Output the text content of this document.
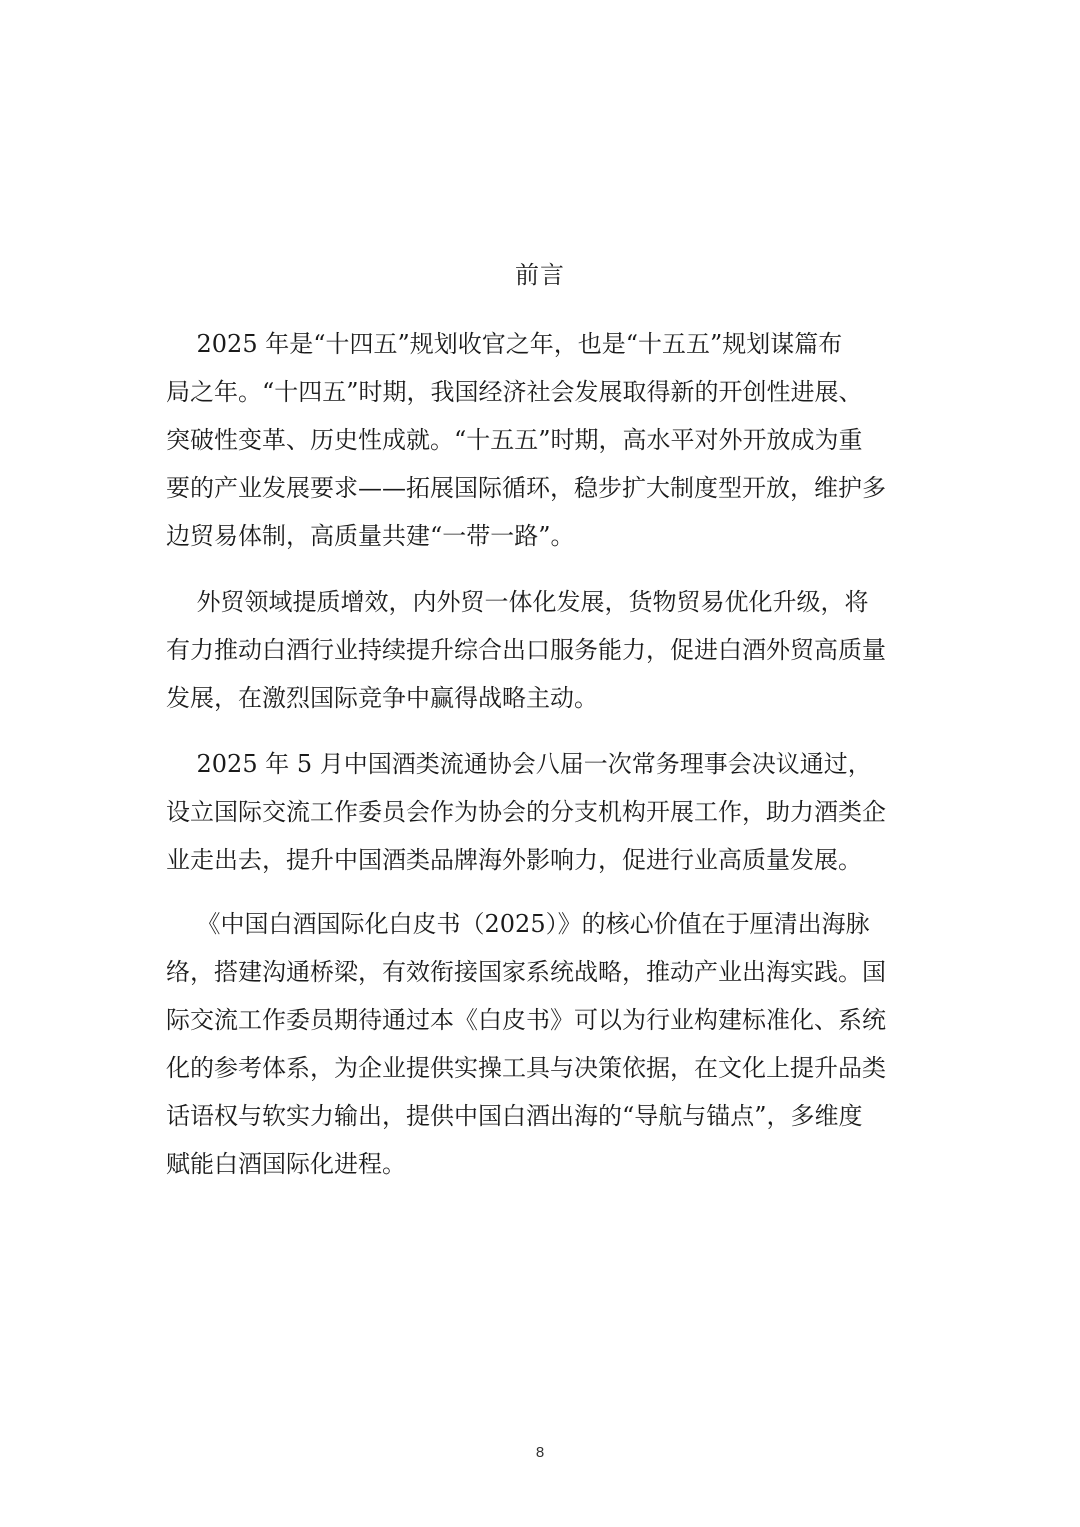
前言

2025 年是“十四五”规划收官之年，也是“十五五”规划谋篇布
局之年。“十四五”时期，我国经济社会发展取得新的开创性进展、
突破性变革、历史性成就。“十五五”时期，高水平对外开放成为重
要的产业发展要求——拓展国际循环，稳步扩大制度型开放，维护多
边贸易体制，高质量共建“一带一路”。

外贸领域提质增效，内外贸一体化发展，货物贸易优化升级，将
有力推动白酒行业持续提升综合出口服务能力，促进白酒外贸高质量
发展，在激烈国际竞争中赢得战略主动。

2025 年 5 月中国酒类流通协会八届一次常务理事会决议通过，
设立国际交流工作委员会作为协会的分支机构开展工作，助力酒类企
业走出去，提升中国酒类品牌海外影响力，促进行业高质量发展。

《中国白酒国际化白皮书（2025）》的核心价值在于厘清出海脉
络，搭建沟通桥梁，有效衔接国家系统战略，推动产业出海实践。国
际交流工作委员期待通过本《白皮书》可以为行业构建标准化、系统
化的参考体系，为企业提供实操工具与决策依据，在文化上提升品类
话语权与软实力输出，提供中国白酒出海的“导航与锚点”，多维度
赋能白酒国际化进程。

8
